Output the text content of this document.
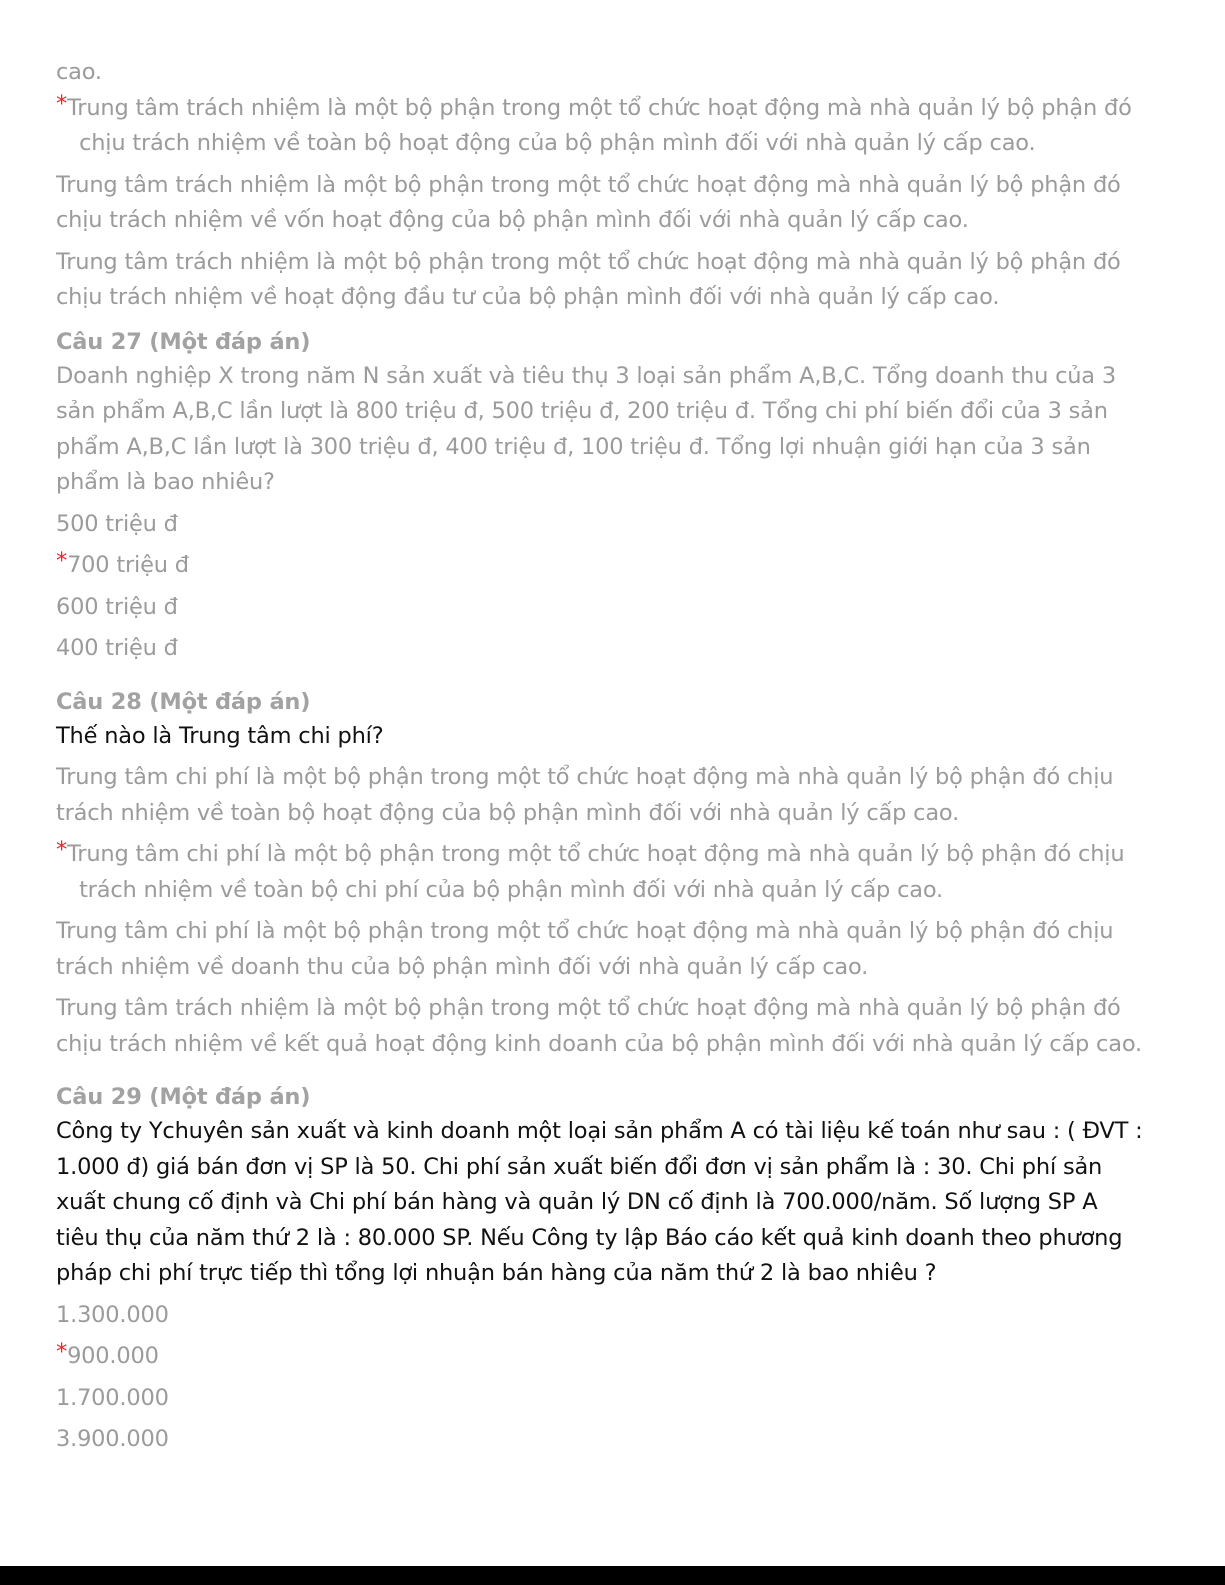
cao.
* Trung tâm trách nhiệm là một bộ phận trong một tổ chức hoạt động mà nhà quản lý bộ phận đó
chịu trách nhiệm về toàn bộ hoạt động của bộ phận mình đối với nhà quản lý cấp cao.
Trung tâm trách nhiệm là một bộ phận trong một tổ chức hoạt động mà nhà quản lý bộ phận đó
chịu trách nhiệm về vốn hoạt động của bộ phận mình đối với nhà quản lý cấp cao.
Trung tâm trách nhiệm là một bộ phận trong một tổ chức hoạt động mà nhà quản lý bộ phận đó
chịu trách nhiệm về hoạt động đầu tư của bộ phận mình đối với nhà quản lý cấp cao.
Câu 27 (Một đáp án)
Doanh nghiệp X trong năm N sản xuất và tiêu thụ 3 loại sản phẩm A,B,C. Tổng doanh thu của 3
sản phẩm A,B,C lần lượt là 800 triệu đ, 500 triệu đ, 200 triệu đ. Tổng chi phí biến đổi của 3 sản
phẩm A,B,C lần lượt là 300 triệu đ, 400 triệu đ, 100 triệu đ. Tổng lợi nhuận giới hạn của 3 sản
phẩm là bao nhiêu?
500 triệu đ
* 700 triệu đ
600 triệu đ
400 triệu đ
Câu 28 (Một đáp án)
Thế nào là Trung tâm chi phí?
Trung tâm chi phí là một bộ phận trong một tổ chức hoạt động mà nhà quản lý bộ phận đó chịu
trách nhiệm về toàn bộ hoạt động của bộ phận mình đối với nhà quản lý cấp cao.
* Trung tâm chi phí là một bộ phận trong một tổ chức hoạt động mà nhà quản lý bộ phận đó chịu
trách nhiệm về toàn bộ chi phí của bộ phận mình đối với nhà quản lý cấp cao.
Trung tâm chi phí là một bộ phận trong một tổ chức hoạt động mà nhà quản lý bộ phận đó chịu
trách nhiệm về doanh thu của bộ phận mình đối với nhà quản lý cấp cao.
Trung tâm trách nhiệm là một bộ phận trong một tổ chức hoạt động mà nhà quản lý bộ phận đó
chịu trách nhiệm về kết quả hoạt động kinh doanh của bộ phận mình đối với nhà quản lý cấp cao.
Câu 29 (Một đáp án)
Công ty Ychuyên sản xuất và kinh doanh một loại sản phẩm A có tài liệu kế toán như sau : ( ĐVT :
1.000 đ) giá bán đơn vị SP là 50. Chi phí sản xuất biến đổi đơn vị sản phẩm là : 30. Chi phí sản
xuất chung cố định và Chi phí bán hàng và quản lý DN cố định là 700.000/năm. Số lượng SP A
tiêu thụ của năm thứ 2 là : 80.000 SP. Nếu Công ty lập Báo cáo kết quả kinh doanh theo phương
pháp chi phí trực tiếp thì tổng lợi nhuận bán hàng của năm thứ 2 là bao nhiêu ?
1.300.000
* 900.000
1.700.000
3.900.000
